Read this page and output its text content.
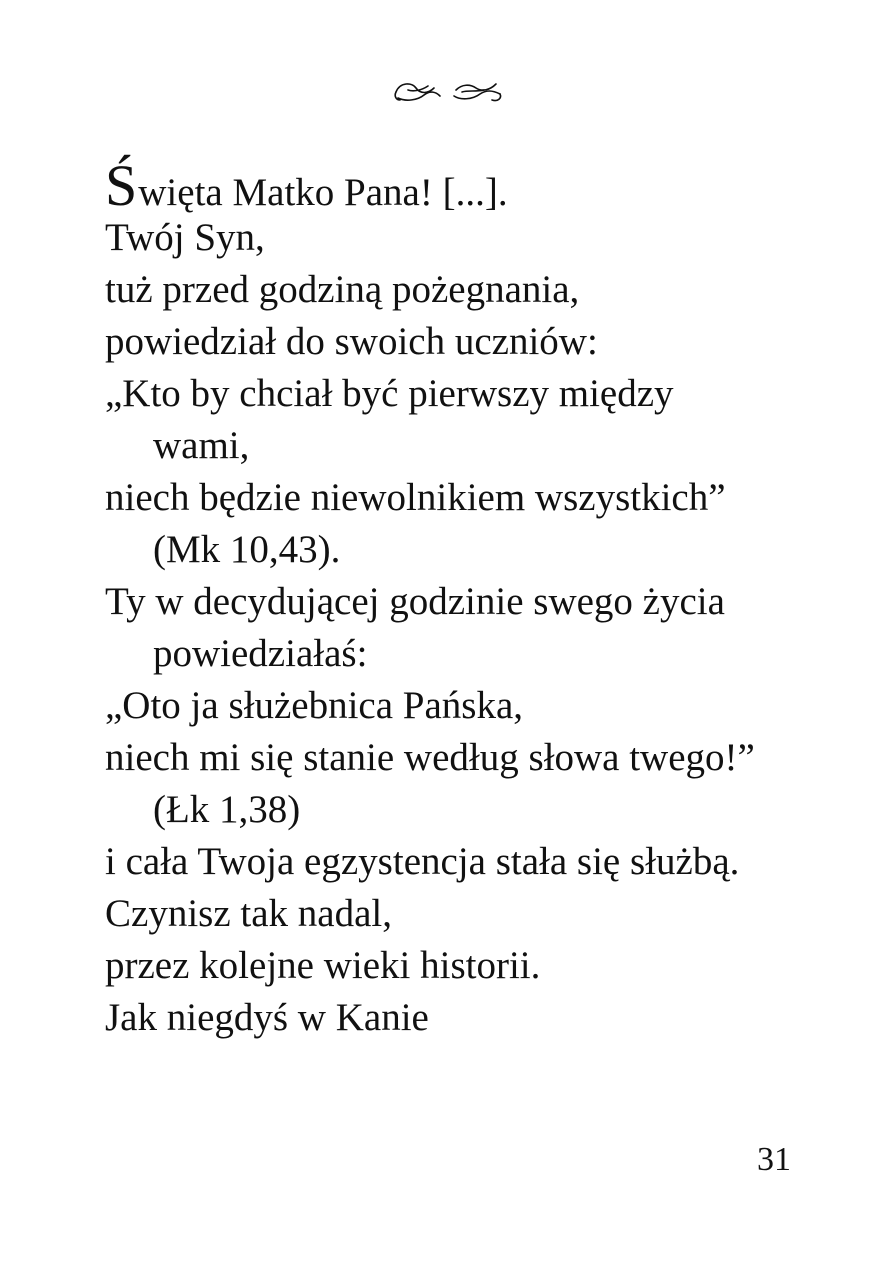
Święta Matko Pana! [...].
Twój Syn,
tuż przed godziną pożegnania,
powiedział do swoich uczniów:
„Kto by chciał być pierwszy między
wami,
niech będzie niewolnikiem wszystkich”
(Mk 10,43).
Ty w decydującej godzinie swego życia
powiedziałaś:
„Oto ja służebnica Pańska,
niech mi się stanie według słowa twego!”
(Łk 1,38)
i cała Twoja egzystencja stała się służbą.
Czynisz tak nadal,
przez kolejne wieki historii.
Jak niegdyś w Kanie
31
